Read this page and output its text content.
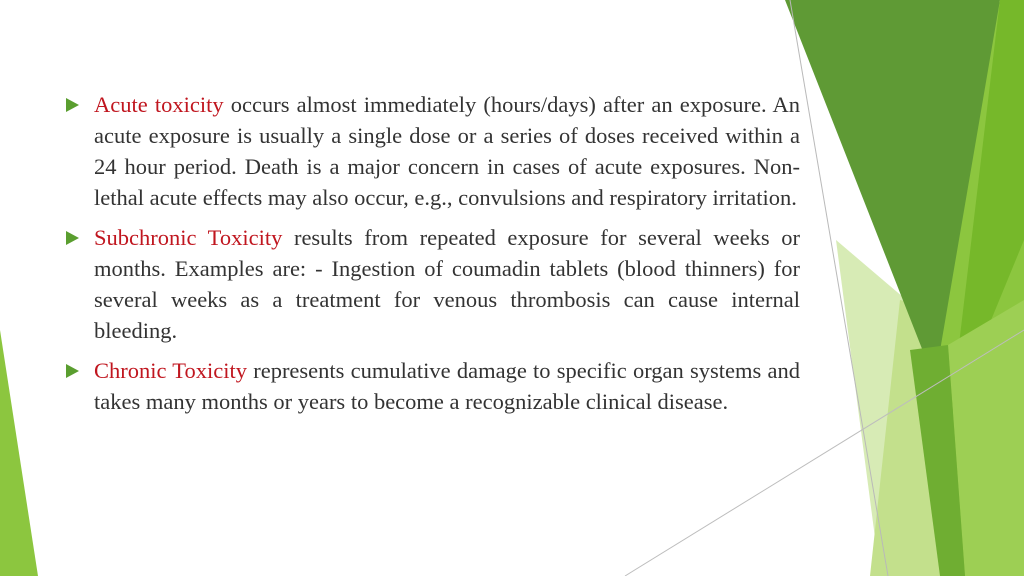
Acute toxicity occurs almost immediately (hours/days) after an exposure. An acute exposure is usually a single dose or a series of doses received within a 24 hour period. Death is a major concern in cases of acute exposures. Non-lethal acute effects may also occur, e.g., convulsions and respiratory irritation.
Subchronic Toxicity results from repeated exposure for several weeks or months. Examples are: - Ingestion of coumadin tablets (blood thinners) for several weeks as a treatment for venous thrombosis can cause internal bleeding.
Chronic Toxicity represents cumulative damage to specific organ systems and takes many months or years to become a recognizable clinical disease.
